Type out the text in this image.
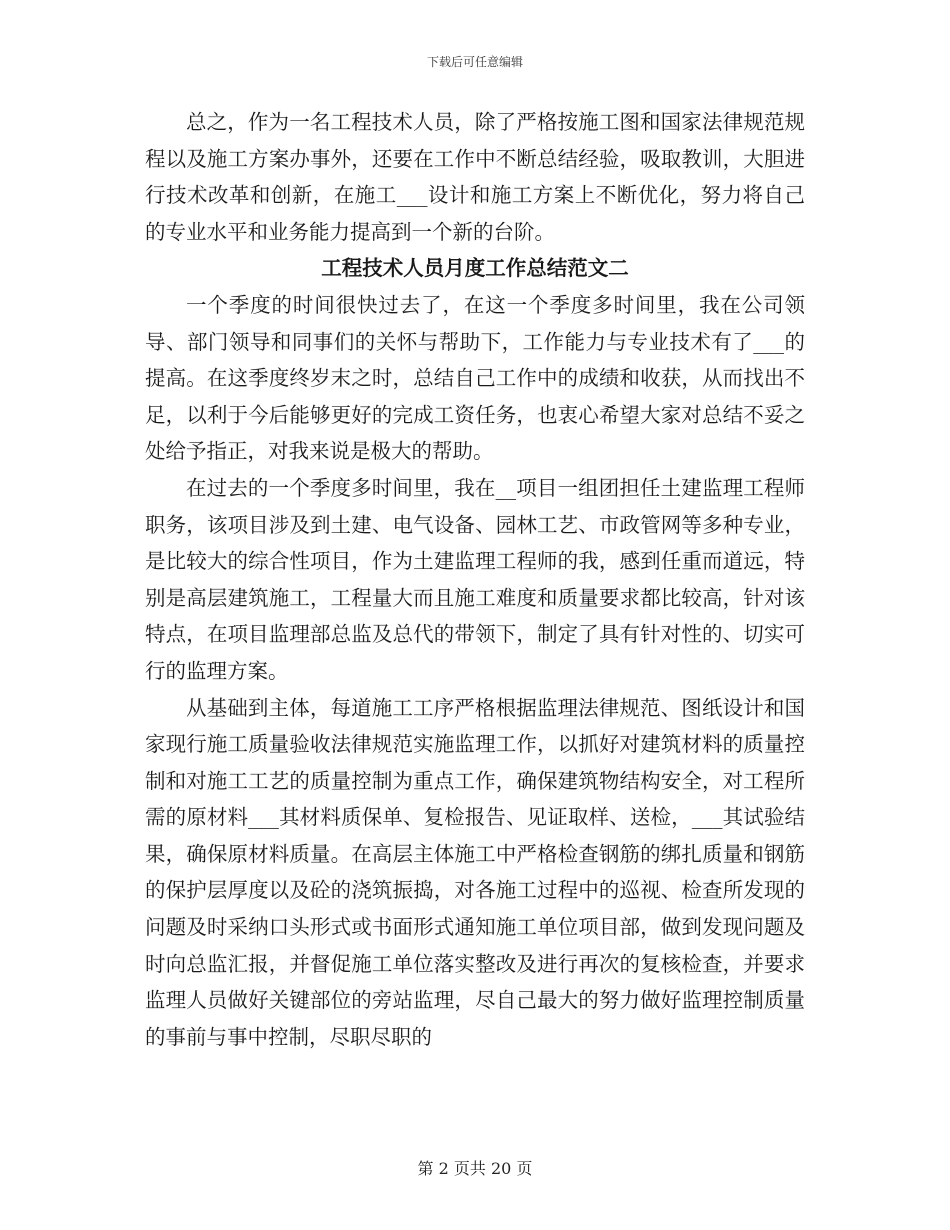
下载后可任意编辑

总之，作为一名工程技术人员，除了严格按施工图和国家法律规范规程以及施工方案办事外，还要在工作中不断总结经验，吸取教训，大胆进行技术改革和创新，在施工___设计和施工方案上不断优化，努力将自己的专业水平和业务能力提高到一个新的台阶。

工程技术人员月度工作总结范文二

一个季度的时间很快过去了，在这一个季度多时间里，我在公司领导、部门领导和同事们的关怀与帮助下，工作能力与专业技术有了___的提高。在这季度终岁末之时，总结自己工作中的成绩和收获，从而找出不足，以利于今后能够更好的完成工资任务，也衷心希望大家对总结不妥之处给予指正，对我来说是极大的帮助。

在过去的一个季度多时间里，我在__项目一组团担任土建监理工程师职务，该项目涉及到土建、电气设备、园林工艺、市政管网等多种专业，是比较大的综合性项目，作为土建监理工程师的我，感到任重而道远，特别是高层建筑施工，工程量大而且施工难度和质量要求都比较高，针对该特点，在项目监理部总监及总代的带领下，制定了具有针对性的、切实可行的监理方案。

从基础到主体，每道施工工序严格根据监理法律规范、图纸设计和国家现行施工质量验收法律规范实施监理工作，以抓好对建筑材料的质量控制和对施工工艺的质量控制为重点工作，确保建筑物结构安全，对工程所需的原材料___其材料质保单、复检报告、见证取样、送检，___其试验结果，确保原材料质量。在高层主体施工中严格检查钢筋的绑扎质量和钢筋的保护层厚度以及砼的浇筑振捣，对各施工过程中的巡视、检查所发现的问题及时采纳口头形式或书面形式通知施工单位项目部，做到发现问题及时向总监汇报，并督促施工单位落实整改及进行再次的复核检查，并要求监理人员做好关键部位的旁站监理，尽自己最大的努力做好监理控制质量的事前与事中控制，尽职尽职的

第 2 页共 20 页
